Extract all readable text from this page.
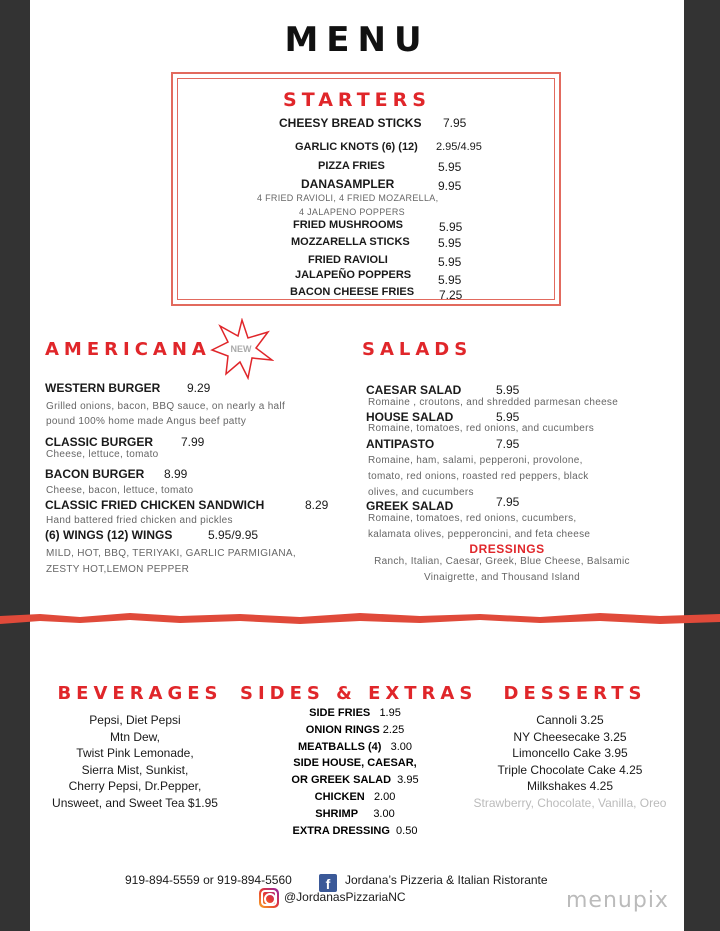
MENU
STARTERS
CHEESY BREAD STICKS 7.95
GARLIC KNOTS (6) (12) 2.95/4.95
PIZZA FRIES	5.95
DANASAMPLER	9.95
4 FRIED RAVIOLI, 4 FRIED MOZARELLA,
4 JALAPENO POPPERS
FRIED MUSHROOMS	5.95
MOZZARELLA STICKS 5.95
FRIED RAVIOLI	5.95
JALAPEÑO POPPERS 5.95
BACON CHEESE FRIES 7.25
AMERICANA NEW
WESTERN BURGER 9.29
Grilled onions, bacon, BBQ sauce, on nearly a half
pound 100% home made Angus beef patty
CLASSIC BURGER 7.99
Cheese, lettuce, tomato
BACON BURGER 8.99
Cheese, bacon, lettuce, tomato
CLASSIC FRIED CHICKEN SANDWICH	8.29
Hand battered fried chicken and pickles
(6) WINGS (12) WINGS	5.95/9.95
MILD, HOT, BBQ, TERIYAKI, GARLIC PARMIGIANA,
ZESTY HOT,LEMON PEPPER
SALADS
CAESAR SALAD	5.95
Romaine , croutons, and shredded parmesan cheese
HOUSE SALAD	5.95
Romaine, tomatoes, red onions, and cucumbers
ANTIPASTO	7.95
Romaine, ham, salami, pepperoni, provolone,
tomato, red onions, roasted red peppers, black
olives, and cucumbers
GREEK SALAD	7.95
Romaine, tomatoes, red onions, cucumbers,
kalamata olives, pepperoncini, and feta cheese
DRESSINGS
Ranch, Italian, Caesar, Greek, Blue Cheese, Balsamic
Vinaigrette, and Thousand Island
BEVERAGES
Pepsi, Diet Pepsi
Mtn Dew,
Twist Pink Lemonade,
Sierra Mist, Sunkist,
Cherry Pepsi, Dr.Pepper,
Unsweet, and Sweet Tea $1.95
SIDES & EXTRAS
SIDE FRIES 1.95
ONION RINGS 2.25
MEATBALLS (4) 3.00
SIDE HOUSE, CAESAR,
OR GREEK SALAD 3.95
CHICKEN 2.00
SHRIMP 3.00
EXTRA DRESSING 0.50
DESSERTS
Cannoli 3.25
NY Cheesecake 3.25
Limoncello Cake 3.95
Triple Chocolate Cake 4.25
Milkshakes 4.25
Strawberry, Chocolate, Vanilla, Oreo
919-894-5559 or 919-894-5560	f	Jordana’s Pizzeria & Italian Ristorante
@JordanasPizzariaNC	menupix
